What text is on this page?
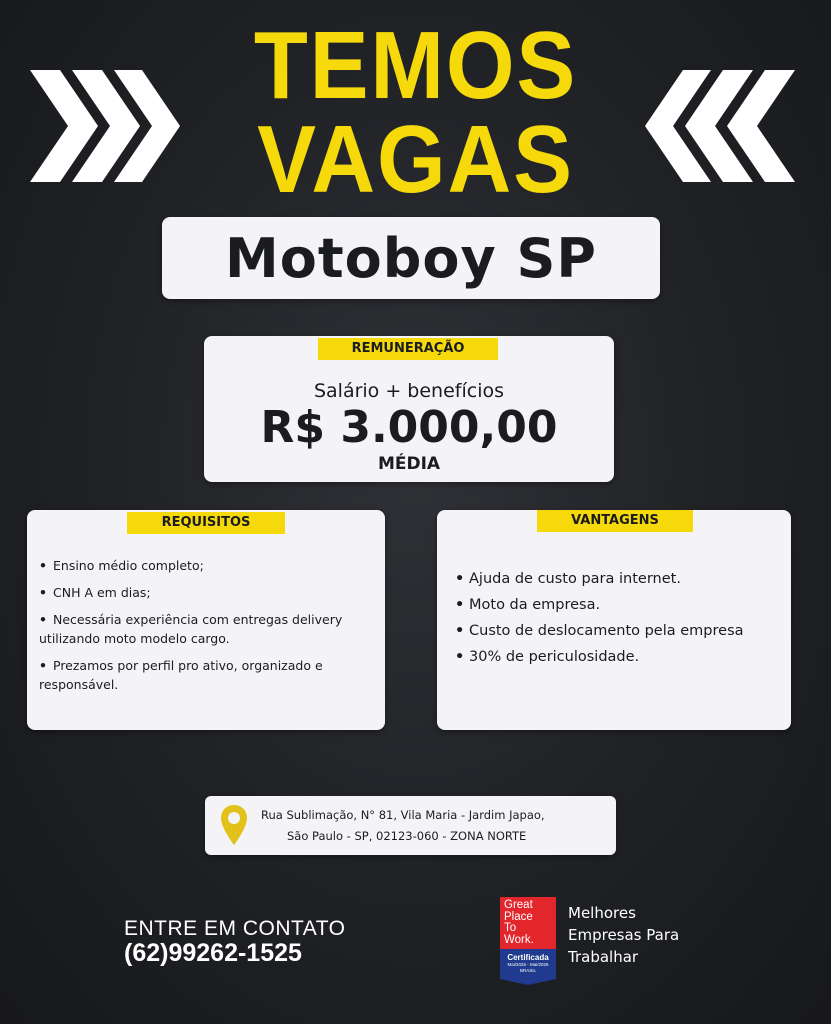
TEMOS
VAGAS
Motoboy SP
REMUNERAÇÃO
Salário + benefícios
R$ 3.000,00
MÉDIA
REQUISITOS
• Ensino médio completo;
• CNH A em dias;
• Necessária experiência com entregas delivery utilizando moto modelo cargo.
• Prezamos por perfil pro ativo, organizado e responsável.
VANTAGENS
• Ajuda de custo para internet.
• Moto da empresa.
• Custo de deslocamento pela empresa
• 30% de periculosidade.
Rua Sublimação, N° 81, Vila Maria - Jardim Japao,
São Paulo - SP, 02123-060 - ZONA NORTE
ENTRE EM CONTATO
(62)99262-1525
Great
Place
To
Work.
Certificada
Mai/2025 - Mai/2026
BRASIL
Melhores
Empresas Para
Trabalhar
